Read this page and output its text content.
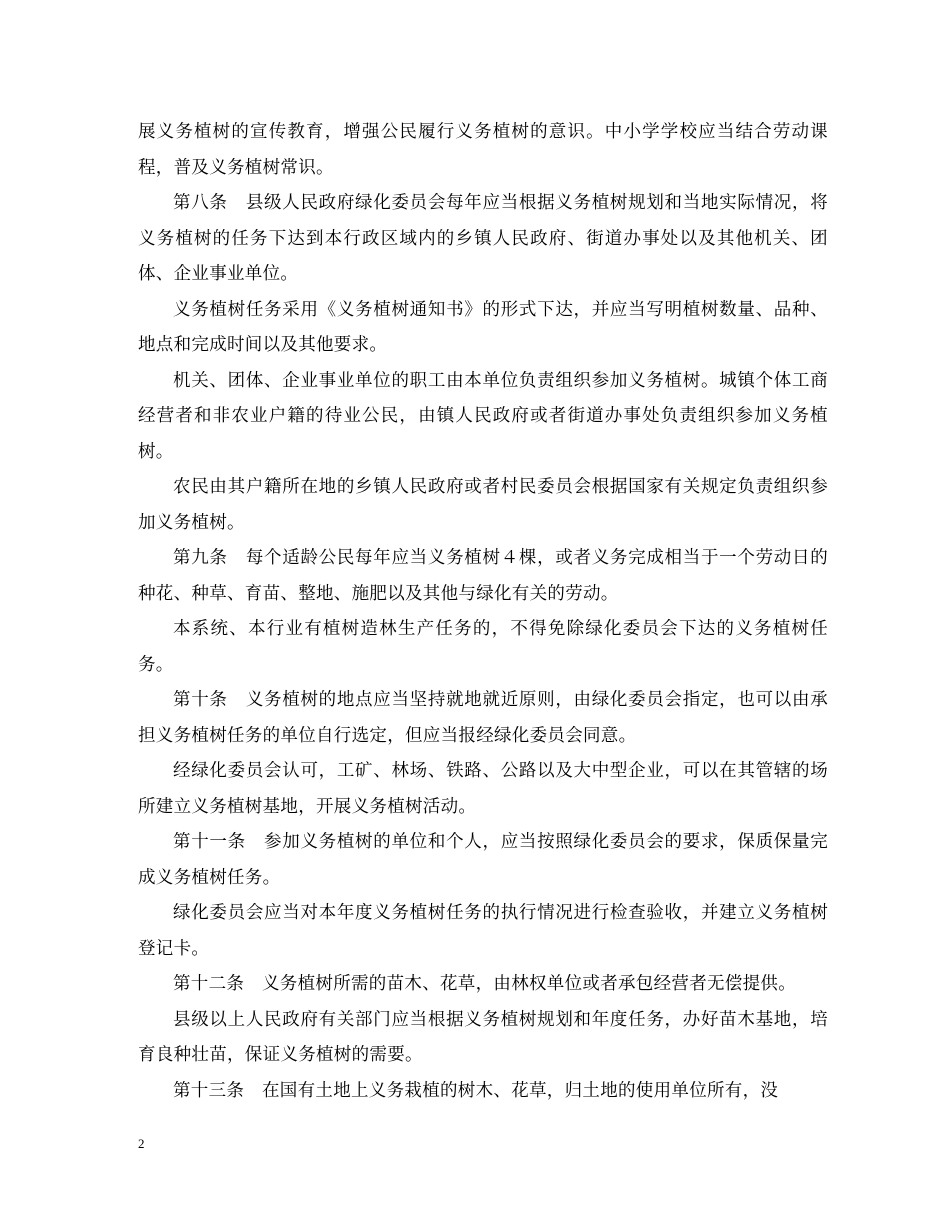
展义务植树的宣传教育，增强公民履行义务植树的意识。中小学学校应当结合劳动课程，普及义务植树常识。

第八条　县级人民政府绿化委员会每年应当根据义务植树规划和当地实际情况，将义务植树的任务下达到本行政区域内的乡镇人民政府、街道办事处以及其他机关、团体、企业事业单位。

义务植树任务采用《义务植树通知书》的形式下达，并应当写明植树数量、品种、地点和完成时间以及其他要求。

机关、团体、企业事业单位的职工由本单位负责组织参加义务植树。城镇个体工商经营者和非农业户籍的待业公民，由镇人民政府或者街道办事处负责组织参加义务植树。

农民由其户籍所在地的乡镇人民政府或者村民委员会根据国家有关规定负责组织参加义务植树。

第九条　每个适龄公民每年应当义务植树４棵，或者义务完成相当于一个劳动日的种花、种草、育苗、整地、施肥以及其他与绿化有关的劳动。

本系统、本行业有植树造林生产任务的，不得免除绿化委员会下达的义务植树任务。

第十条　义务植树的地点应当坚持就地就近原则，由绿化委员会指定，也可以由承担义务植树任务的单位自行选定，但应当报经绿化委员会同意。

经绿化委员会认可，工矿、林场、铁路、公路以及大中型企业，可以在其管辖的场所建立义务植树基地，开展义务植树活动。

第十一条　参加义务植树的单位和个人，应当按照绿化委员会的要求，保质保量完成义务植树任务。

绿化委员会应当对本年度义务植树任务的执行情况进行检查验收，并建立义务植树登记卡。

第十二条　义务植树所需的苗木、花草，由林权单位或者承包经营者无偿提供。

县级以上人民政府有关部门应当根据义务植树规划和年度任务，办好苗木基地，培育良种壮苗，保证义务植树的需要。

第十三条　在国有土地上义务栽植的树木、花草，归土地的使用单位所有，没

2
